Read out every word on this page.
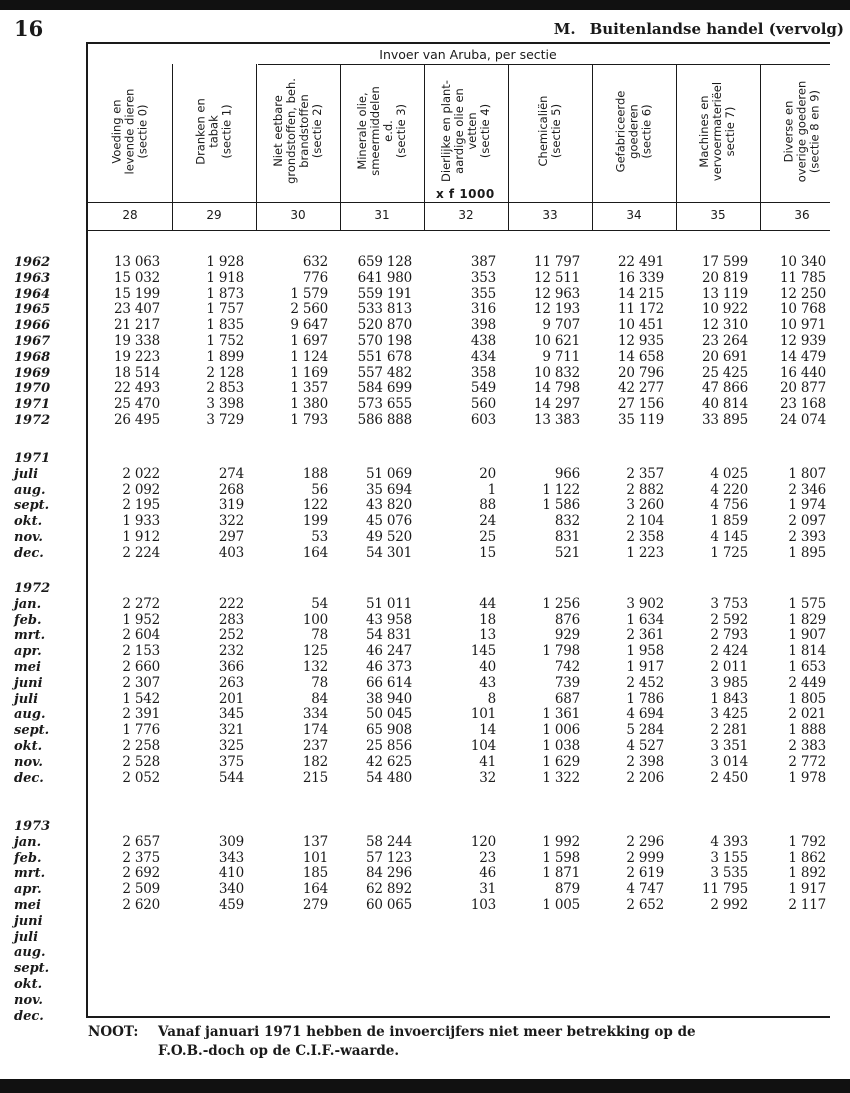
16	M. Buitenlandse handel (vervolg)
Invoer van Aruba, per sectie
x f 1000
Voeding en
levende dieren
(sectie 0)
28
Dranken en
tabak
(sectie 1)
29
Niet eetbare
grondstoffen, beh.
brandstoffen
(sectie 2)
30
Minerale olie,
smeermiddelen
e.d.
(sectie 3)
31
Dierlijke en plant-
aardige olie en
vetten
(sectie 4)
32
Chemicaliën
(sectie 5)
33
Gefabriceerde
goederen
(sectie 6)
34
Machines en
vervoermateriëel
sectie 7)
35
Diverse en
overige goederen
(sectie 8 en 9)
36
1962	13 063	1 928	632	659 128	387	11 797	22 491	17 599	10 340
1963	15 032	1 918	776	641 980	353	12 511	16 339	20 819	11 785
1964	15 199	1 873	1 579	559 191	355	12 963	14 215	13 119	12 250
1965	23 407	1 757	2 560	533 813	316	12 193	11 172	10 922	10 768
1966	21 217	1 835	9 647	520 870	398	9 707	10 451	12 310	10 971
1967	19 338	1 752	1 697	570 198	438	10 621	12 935	23 264	12 939
1968	19 223	1 899	1 124	551 678	434	9 711	14 658	20 691	14 479
1969	18 514	2 128	1 169	557 482	358	10 832	20 796	25 425	16 440
1970	22 493	2 853	1 357	584 699	549	14 798	42 277	47 866	20 877
1971	25 470	3 398	1 380	573 655	560	14 297	27 156	40 814	23 168
1972	26 495	3 729	1 793	586 888	603	13 383	35 119	33 895	24 074
1971
juli	2 022	274	188	51 069	20	966	2 357	4 025	1 807
aug.	2 092	268	56	35 694	1	1 122	2 882	4 220	2 346
sept.	2 195	319	122	43 820	88	1 586	3 260	4 756	1 974
okt.	1 933	322	199	45 076	24	832	2 104	1 859	2 097
nov.	1 912	297	53	49 520	25	831	2 358	4 145	2 393
dec.	2 224	403	164	54 301	15	521	1 223	1 725	1 895
1972
jan.	2 272	222	54	51 011	44	1 256	3 902	3 753	1 575
feb.	1 952	283	100	43 958	18	876	1 634	2 592	1 829
mrt.	2 604	252	78	54 831	13	929	2 361	2 793	1 907
apr.	2 153	232	125	46 247	145	1 798	1 958	2 424	1 814
mei	2 660	366	132	46 373	40	742	1 917	2 011	1 653
juni	2 307	263	78	66 614	43	739	2 452	3 985	2 449
juli	1 542	201	84	38 940	8	687	1 786	1 843	1 805
aug.	2 391	345	334	50 045	101	1 361	4 694	3 425	2 021
sept.	1 776	321	174	65 908	14	1 006	5 284	2 281	1 888
okt.	2 258	325	237	25 856	104	1 038	4 527	3 351	2 383
nov.	2 528	375	182	42 625	41	1 629	2 398	3 014	2 772
dec.	2 052	544	215	54 480	32	1 322	2 206	2 450	1 978
1973
jan.	2 657	309	137	58 244	120	1 992	2 296	4 393	1 792
feb.	2 375	343	101	57 123	23	1 598	2 999	3 155	1 862
mrt.	2 692	410	185	84 296	46	1 871	2 619	3 535	1 892
apr.	2 509	340	164	62 892	31	879	4 747	11 795	1 917
mei	2 620	459	279	60 065	103	1 005	2 652	2 992	2 117
juni
juli
aug.
sept.
okt.
nov.
dec.
NOOT: Vanaf januari 1971 hebben de invoercijfers niet meer betrekking op de
F.O.B.-doch op de C.I.F.-waarde.
